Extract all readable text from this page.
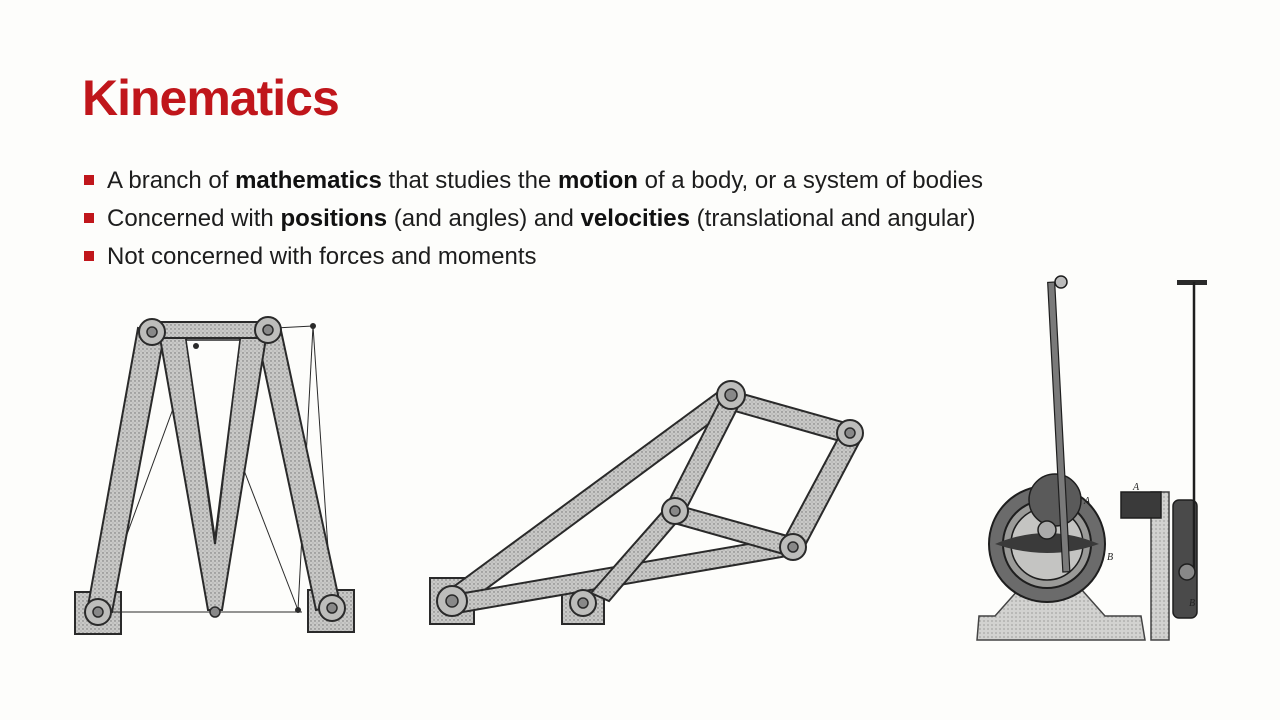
Kinematics
A branch of mathematics that studies the motion of a body, or a system of bodies
Concerned with positions (and angles) and velocities (translational and angular)
Not concerned with forces and moments
A
B
A
B
